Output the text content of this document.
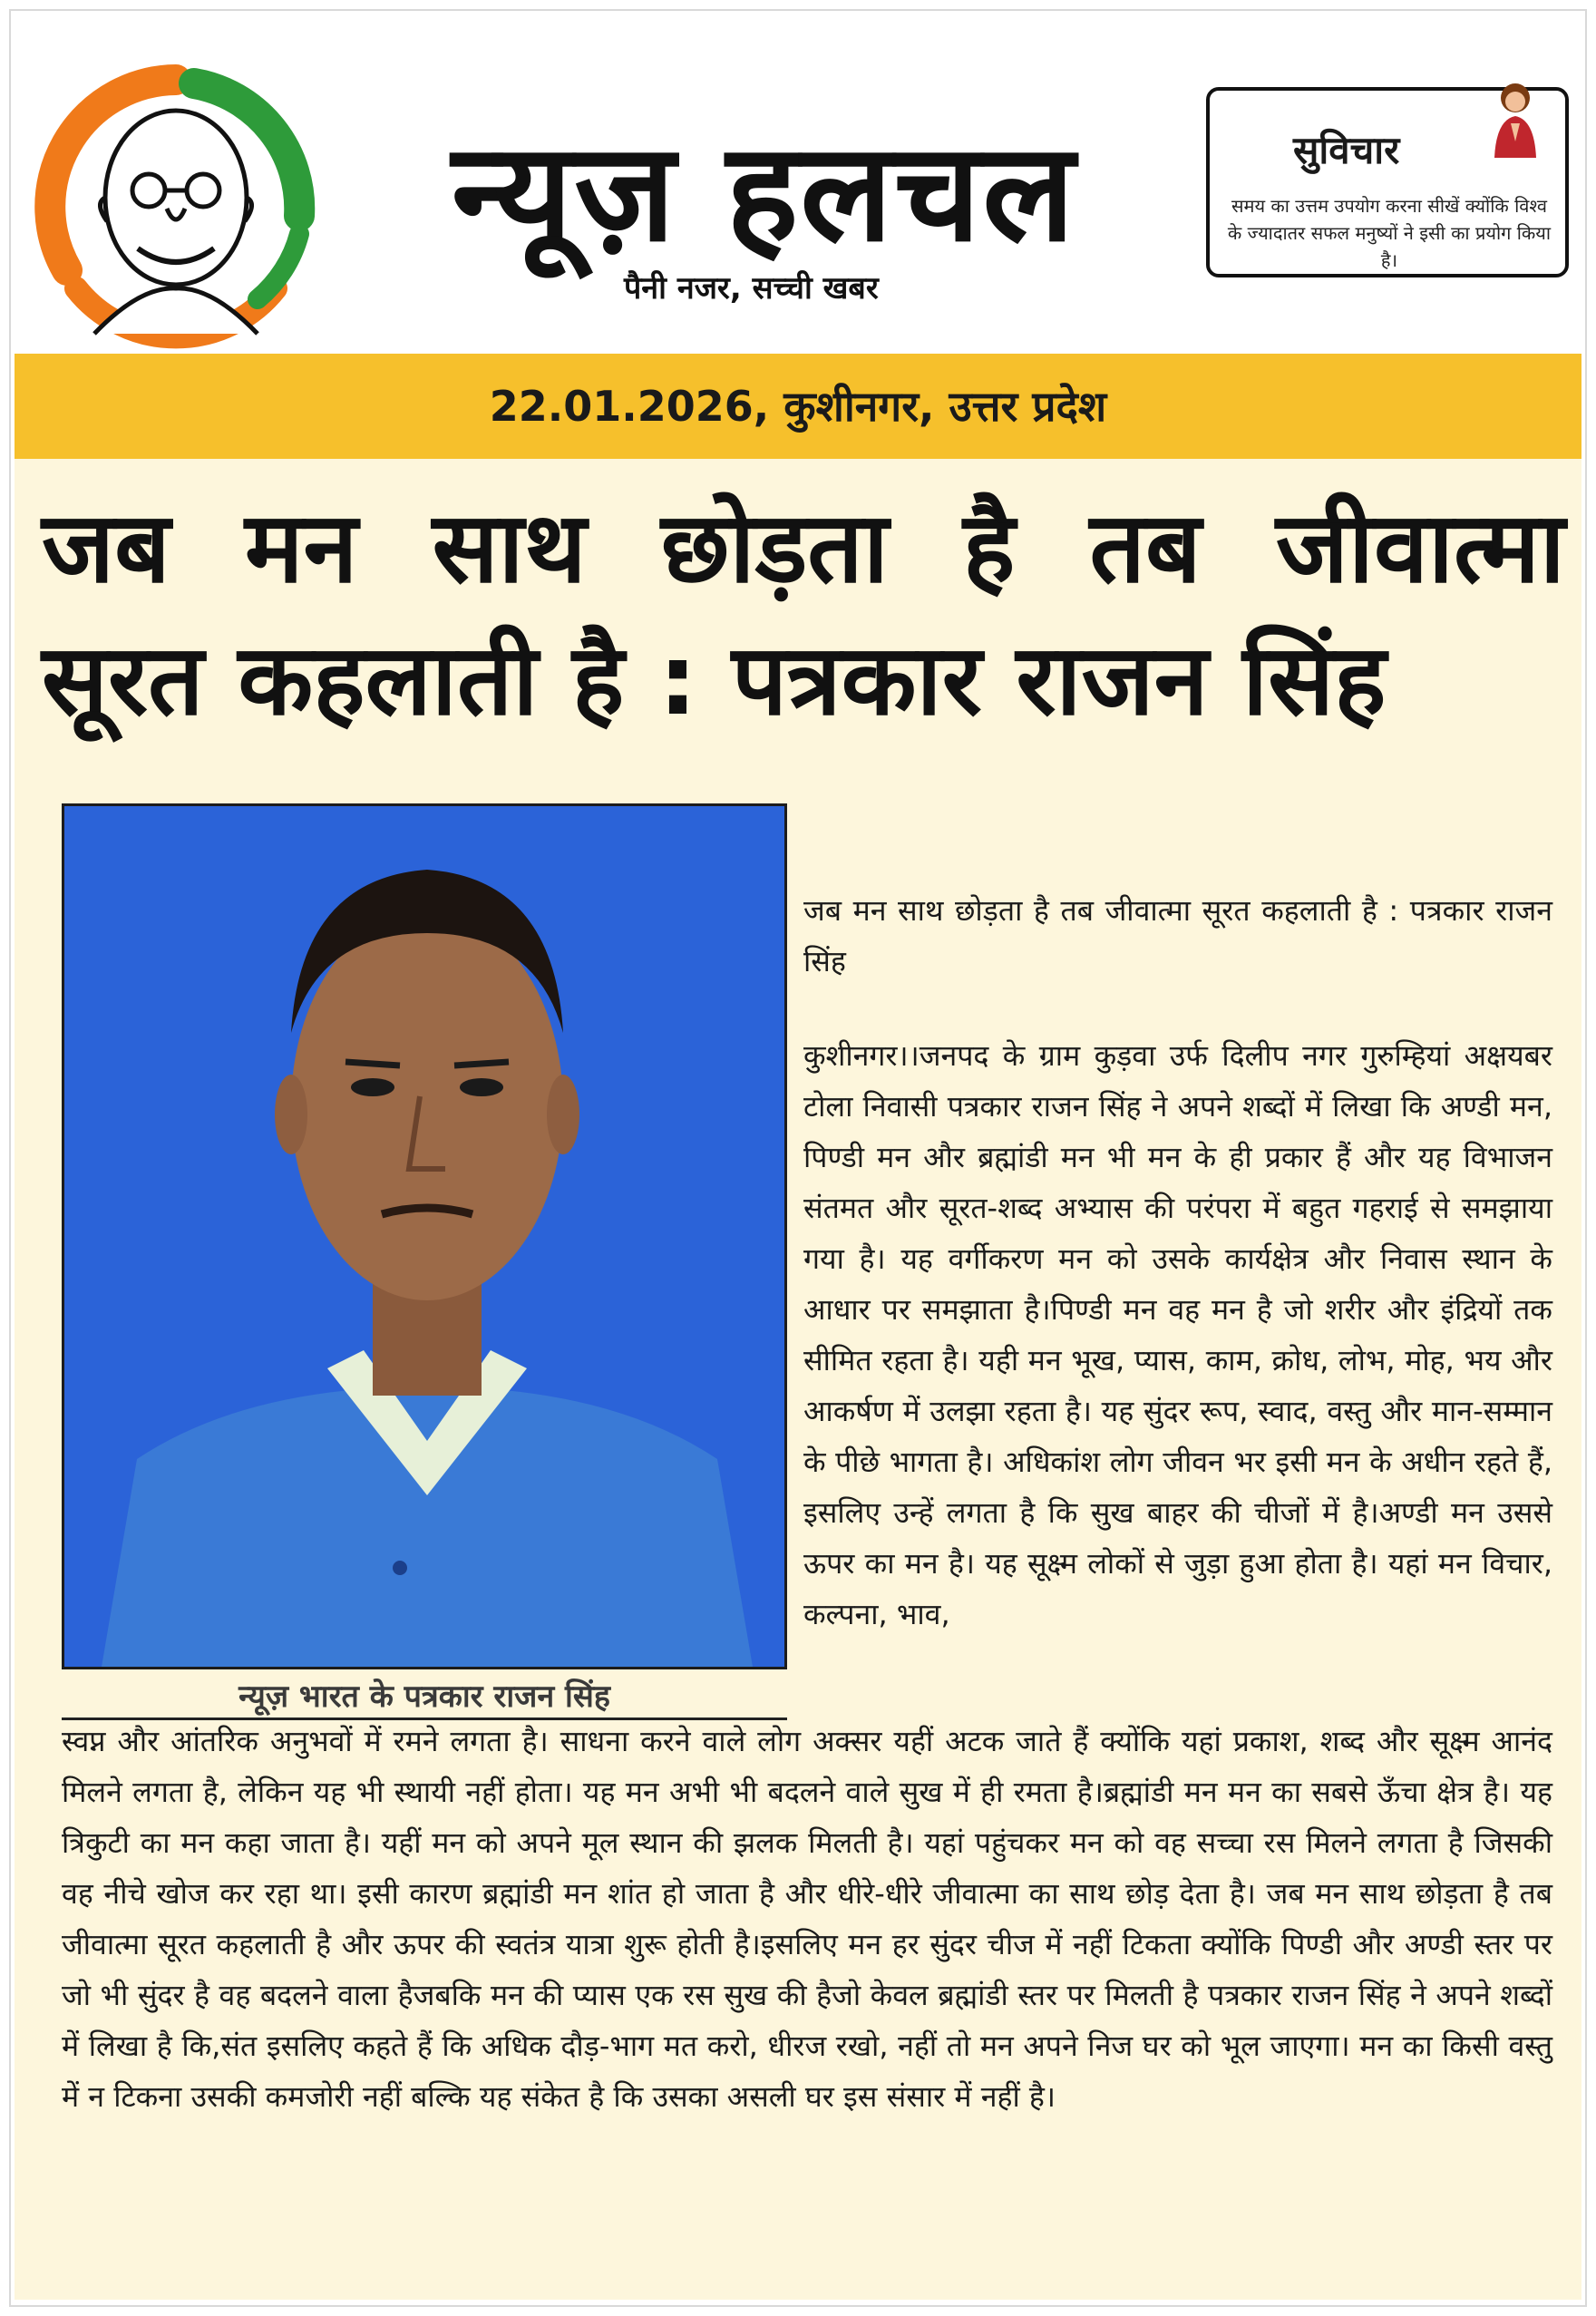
न्यूज़ हलचल
पैनी नजर, सच्ची खबर
सुविचार
समय का उत्तम उपयोग करना सीखें क्योंकि विश्व के ज्यादातर सफल मनुष्यों ने इसी का प्रयोग किया है।
22.01.2026, कुशीनगर, उत्तर प्रदेश
जब मन साथ छोड़ता है तब जीवात्मा
सूरत कहलाती है : पत्रकार राजन सिंह
न्यूज़ भारत के पत्रकार राजन सिंह
जब मन साथ छोड़ता है तब जीवात्मा सूरत कहलाती है : पत्रकार राजन सिंह
कुशीनगर।।जनपद के ग्राम कुड़वा उर्फ दिलीप नगर गुरुम्हियां अक्षयबर टोला निवासी पत्रकार राजन सिंह ने अपने शब्दों में लिखा कि अण्डी मन, पिण्डी मन और ब्रह्मांडी मन भी मन के ही प्रकार हैं और यह विभाजन संतमत और सूरत-शब्द अभ्यास की परंपरा में बहुत गहराई से समझाया गया है। यह वर्गीकरण मन को उसके कार्यक्षेत्र और निवास स्थान के आधार पर समझाता है।पिण्डी मन वह मन है जो शरीर और इंद्रियों तक सीमित रहता है। यही मन भूख, प्यास, काम, क्रोध, लोभ, मोह, भय और आकर्षण में उलझा रहता है। यह सुंदर रूप, स्वाद, वस्तु और मान-सम्मान के पीछे भागता है। अधिकांश लोग जीवन भर इसी मन के अधीन रहते हैं, इसलिए उन्हें लगता है कि सुख बाहर की चीजों में है।अण्डी मन उससे ऊपर का मन है। यह सूक्ष्म लोकों से जुड़ा हुआ होता है। यहां मन विचार, कल्पना, भाव,
स्वप्न और आंतरिक अनुभवों में रमने लगता है। साधना करने वाले लोग अक्सर यहीं अटक जाते हैं क्योंकि यहां प्रकाश, शब्द और सूक्ष्म आनंद मिलने लगता है, लेकिन यह भी स्थायी नहीं होता। यह मन अभी भी बदलने वाले सुख में ही रमता है।ब्रह्मांडी मन मन का सबसे ऊँचा क्षेत्र है। यह त्रिकुटी का मन कहा जाता है। यहीं मन को अपने मूल स्थान की झलक मिलती है। यहां पहुंचकर मन को वह सच्चा रस मिलने लगता है जिसकी वह नीचे खोज कर रहा था। इसी कारण ब्रह्मांडी मन शांत हो जाता है और धीरे-धीरे जीवात्मा का साथ छोड़ देता है। जब मन साथ छोड़ता है तब जीवात्मा सूरत कहलाती है और ऊपर की स्वतंत्र यात्रा शुरू होती है।इसलिए मन हर सुंदर चीज में नहीं टिकता क्योंकि पिण्डी और अण्डी स्तर पर जो भी सुंदर है वह बदलने वाला हैजबकि मन की प्यास एक रस सुख की हैजो केवल ब्रह्मांडी स्तर पर मिलती है पत्रकार राजन सिंह ने अपने शब्दों में लिखा है कि,संत इसलिए कहते हैं कि अधिक दौड़-भाग मत करो, धीरज रखो, नहीं तो मन अपने निज घर को भूल जाएगा। मन का किसी वस्तु में न टिकना उसकी कमजोरी नहीं बल्कि यह संकेत है कि उसका असली घर इस संसार में नहीं है।
